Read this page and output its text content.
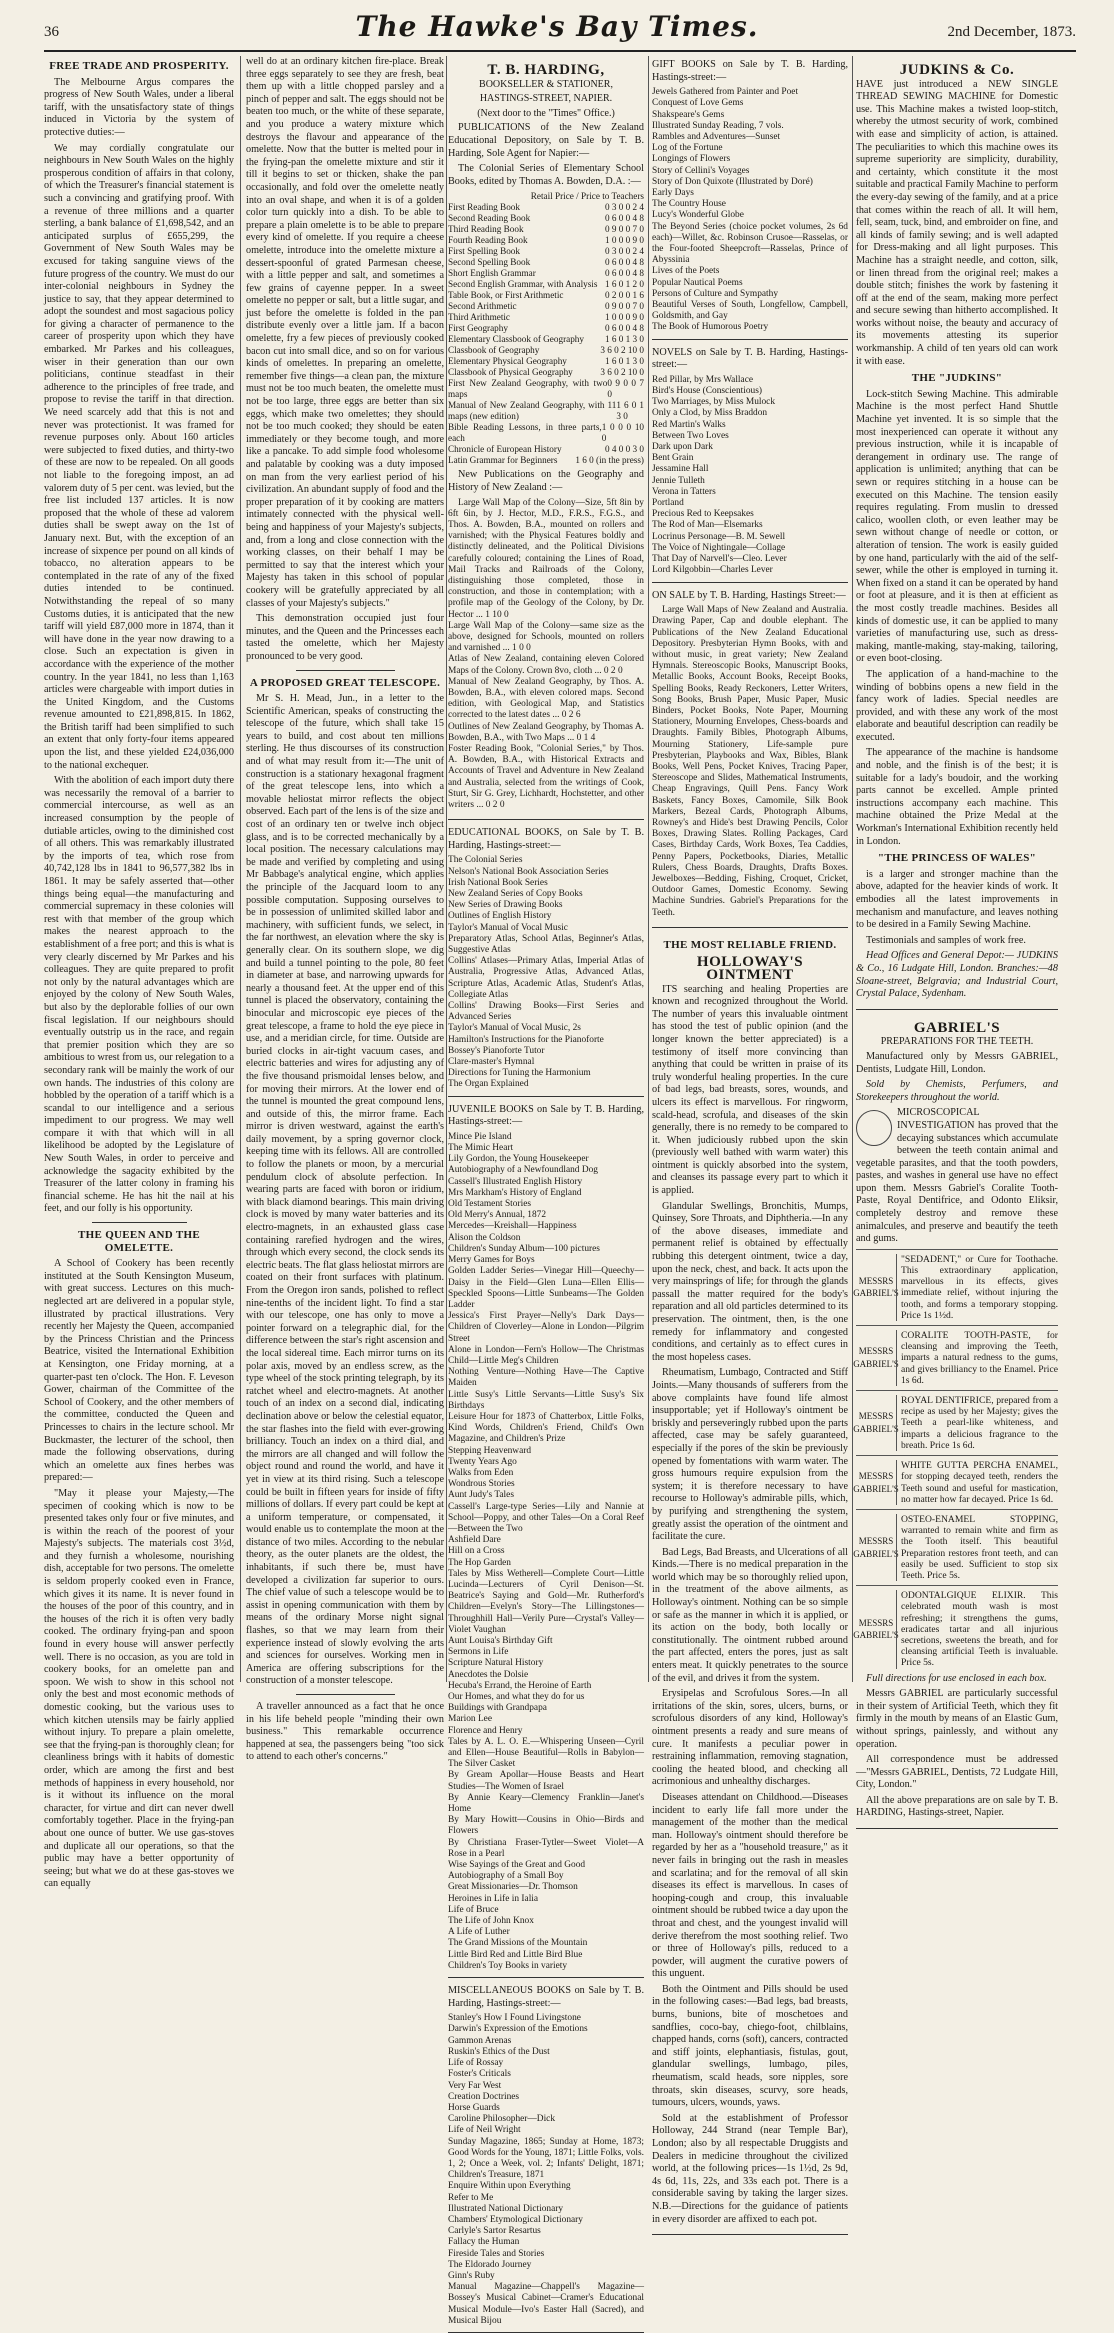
36	The Hawke's Bay Times.	2nd December, 1873.
FREE TRADE AND PROSPERITY.

The Melbourne Argus compares the progress of New South Wales, under a liberal tariff, with the unsatisfactory state of things induced in Victoria by the system of protective duties:—

We may cordially congratulate our neighbours in New South Wales on the highly prosperous condition of affairs in that colony, of which the Treasurer's financial statement is such a convincing and gratifying proof. With a revenue of three millions and a quarter sterling, a bank balance of £1,698,542, and an anticipated surplus of £655,299, the Government of New South Wales may be excused for taking sanguine views of the future progress of the country. We must do our inter-colonial neighbours in Sydney the justice to say, that they appear determined to adopt the soundest and most sagacious policy for giving a character of permanence to the career of prosperity upon which they have embarked. Mr Parkes and his colleagues, wiser in their generation than our own politicians, continue steadfast in their adherence to the principles of free trade, and propose to revise the tariff in that direction. We need scarcely add that this is not and never was protectionist. It was framed for revenue purposes only. About 160 articles were subjected to fixed duties, and thirty-two of these are now to be repealed. On all goods not liable to the foregoing impost, an ad valorem duty of 5 per cent. was levied, but the free list included 137 articles. It is now proposed that the whole of these ad valorem duties shall be swept away on the 1st of January next. But, with the exception of an increase of sixpence per pound on all kinds of tobacco, no alteration appears to be contemplated in the rate of any of the fixed duties intended to be continued. Notwithstanding the repeal of so many Customs duties, it is anticipated that the new tariff will yield £87,000 more in 1874, than it will have done in the year now drawing to a close. Such an expectation is given in accordance with the experience of the mother country. In the year 1841, no less than 1,163 articles were chargeable with import duties in the United Kingdom, and the Customs revenue amounted to £21,898,815. In 1862, the British tariff had been simplified to such an extent that only forty-four items appeared upon the list, and these yielded £24,036,000 to the national exchequer.

With the abolition of each import duty there was necessarily the removal of a barrier to commercial intercourse, as well as an increased consumption by the people of dutiable articles, owing to the diminished cost of all others. This was remarkably illustrated by the imports of tea, which rose from 40,742,128 lbs in 1841 to 96,577,382 lbs in 1861. It may be safely asserted that—other things being equal—the manufacturing and commercial supremacy in these colonies will rest with that member of the group which makes the nearest approach to the establishment of a free port; and this is what is very clearly discerned by Mr Parkes and his colleagues. They are quite prepared to profit not only by the natural advantages which are enjoyed by the colony of New South Wales, but also by the deplorable follies of our own fiscal legislation. If our neighbours should eventually outstrip us in the race, and regain that premier position which they are so ambitious to wrest from us, our relegation to a secondary rank will be mainly the work of our own hands. The industries of this colony are hobbled by the operation of a tariff which is a scandal to our intelligence and a serious impediment to our progress. We may well compare it with that which will in all likelihood be adopted by the Legislature of New South Wales, in order to perceive and acknowledge the sagacity exhibited by the Treasurer of the latter colony in framing his financial scheme. He has hit the nail at his feet, and our folly is his opportunity.

THE QUEEN AND THE OMELETTE.

A School of Cookery has been recently instituted at the South Kensington Museum, with great success. Lectures on this much-neglected art are delivered in a popular style, illustrated by practical illustrations. Very recently her Majesty the Queen, accompanied by the Princess Christian and the Princess Beatrice, visited the International Exhibition at Kensington, one Friday morning, at a quarter-past ten o'clock. The Hon. F. Leveson Gower, chairman of the Committee of the School of Cookery, and the other members of the committee, conducted the Queen and Princesses to chairs in the lecture school. Mr Buckmaster, the lecturer of the school, then made the following observations, during which an omelette aux fines herbes was prepared:—

"May it please your Majesty,—The specimen of cooking which is now to be presented takes only four or five minutes, and is within the reach of the poorest of your Majesty's subjects. The materials cost 3½d, and they furnish a wholesome, nourishing dish, acceptable for two persons. The omelette is seldom properly cooked even in France, which gives it its name. It is never found in the houses of the poor of this country, and in the houses of the rich it is often very badly cooked. The ordinary frying-pan and spoon found in every house will answer perfectly well. There is no occasion, as you are told in cookery books, for an omelette pan and spoon. We wish to show in this school not only the best and most economic methods of domestic cooking, but the various uses to which kitchen utensils may be fairly applied without injury. To prepare a plain omelette, see that the frying-pan is thoroughly clean; for cleanliness brings with it habits of domestic order, which are among the first and best methods of happiness in every household, nor is it without its influence on the moral character, for virtue and dirt can never dwell comfortably together. Place in the frying-pan about one ounce of butter. We use gas-stoves and duplicate all our operations, so that the public may have a better opportunity of seeing; but what we do at these gas-stoves we can equally

well do at an ordinary kitchen fire-place. Break three eggs separately to see they are fresh, beat them up with a little chopped parsley and a pinch of pepper and salt. The eggs should not be beaten too much, or the white of these separate, and you produce a watery mixture which destroys the flavour and appearance of the omelette. Now that the butter is melted pour in the frying-pan the omelette mixture and stir it till it begins to set or thicken, shake the pan occasionally, and fold over the omelette neatly into an oval shape, and when it is of a golden color turn quickly into a dish. To be able to prepare a plain omelette is to be able to prepare every kind of omelette. If you require a cheese omelette, introduce into the omelette mixture a dessert-spoonful of grated Parmesan cheese, with a little pepper and salt, and sometimes a few grains of cayenne pepper. In a sweet omelette no pepper or salt, but a little sugar, and just before the omelette is folded in the pan distribute evenly over a little jam. If a bacon omelette, fry a few pieces of previously cooked bacon cut into small dice, and so on for various kinds of omelettes. In preparing an omelette, remember five things—a clean pan, the mixture must not be too much beaten, the omelette must not be too large, three eggs are better than six eggs, which make two omelettes; they should not be too much cooked; they should be eaten immediately or they become tough, and more like a pancake. To add simple food wholesome and palatable by cooking was a duty imposed on man from the very earliest period of his civilization. An abundant supply of food and the proper preparation of it by cooking are matters intimately connected with the physical well-being and happiness of your Majesty's subjects, and, from a long and close connection with the working classes, on their behalf I may be permitted to say that the interest which your Majesty has taken in this school of popular cookery will be gratefully appreciated by all classes of your Majesty's subjects."

This demonstration occupied just four minutes, and the Queen and the Princesses each tasted the omelette, which her Majesty pronounced to be very good.

A PROPOSED GREAT TELESCOPE.

Mr S. H. Mead, Jun., in a letter to the Scientific American, speaks of constructing the telescope of the future, which shall take 15 years to build, and cost about ten millions sterling. He thus discourses of its construction and of what may result from it:—The unit of construction is a stationary hexagonal fragment of the great telescope lens, into which a movable heliostat mirror reflects the object observed. Each part of the lens is of the size and cost of an ordinary ten or twelve inch object glass, and is to be corrected mechanically by a local position. The necessary calculations may be made and verified by completing and using Mr Babbage's analytical engine, which applies the principle of the Jacquard loom to any possible computation. Supposing ourselves to be in possession of unlimited skilled labor and machinery, with sufficient funds, we select, in the far northwest, an elevation where the sky is generally clear. On its southern slope, we dig and build a tunnel pointing to the pole, 80 feet in diameter at base, and narrowing upwards for nearly a thousand feet. At the upper end of this tunnel is placed the observatory, containing the binocular and microscopic eye pieces of the great telescope, a frame to hold the eye piece in use, and a meridian circle, for time. Outside are buried clocks in air-tight vacuum cases, and electric batteries and wires for adjusting any of the five thousand prismoidal lenses below, and for moving their mirrors. At the lower end of the tunnel is mounted the great compound lens, and outside of this, the mirror frame. Each mirror is driven westward, against the earth's daily movement, by a spring governor clock, keeping time with its fellows. All are controlled to follow the planets or moon, by a mercurial pendulum clock of absolute perfection. In wearing parts are faced with boron or iridium, with black diamond bearings. This main driving clock is moved by many water batteries and its electro-magnets, in an exhausted glass case containing rarefied hydrogen and the wires, through which every second, the clock sends its electric beats. The flat glass heliostat mirrors are coated on their front surfaces with platinum. From the Oregon iron sands, polished to reflect nine-tenths of the incident light. To find a star with our telescope, one has only to move a pointer forward on a telegraphic dial, for the difference between the star's right ascension and the local sidereal time. Each mirror turns on its polar axis, moved by an endless screw, as the type wheel of the stock printing telegraph, by its ratchet wheel and electro-magnets. At another touch of an index on a second dial, indicating declination above or below the celestial equator, the star flashes into the field with ever-growing brilliancy. Touch an index on a third dial, and the mirrors are all changed and will follow the object round and round the world, and have it yet in view at its third rising. Such a telescope could be built in fifteen years for inside of fifty millions of dollars. If every part could be kept at a uniform temperature, or compensated, it would enable us to contemplate the moon at the distance of two miles. According to the nebular theory, as the outer planets are the oldest, the inhabitants, if such there be, must have developed a civilization far superior to ours. The chief value of such a telescope would be to assist in opening communication with them by means of the ordinary Morse night signal flashes, so that we may learn from their experience instead of slowly evolving the arts and sciences for ourselves. Working men in America are offering subscriptions for the construction of a monster telescope.

A traveller announced as a fact that he once in his life beheld people "minding their own business." This remarkable occurrence happened at sea, the passengers being "too sick to attend to each other's concerns."

T. B. HARDING,
BOOKSELLER & STATIONER,
HASTINGS-STREET, NAPIER.
(Next door to the "Times" Office.)

PUBLICATIONS of the New Zealand Educational Depository, on Sale by T. B. Harding, Sole Agent for Napier:—

The Colonial Series of Elementary School Books, edited by Thomas A. Bowden, D.A. :—

Retail Price / Price to Teachers
First Reading Book	0 3 0 0 2 4
Second Reading Book	0 6 0 0 4 8
Third Reading Book	0 9 0 0 7 0
Fourth Reading Book	1 0 0 0 9 0
First Spelling Book	0 3 0 0 2 4
Second Spelling Book	0 6 0 0 4 8
Short English Grammar	0 6 0 0 4 8
Second English Grammar, with Analysis 1 6 0 1 2 0
Table Book, or First Arithmetic	0 2 0 0 1 6
Second Arithmetic	0 9 0 0 7 0
Third Arithmetic	1 0 0 0 9 0
First Geography	0 6 0 0 4 8
Elementary Classbook of Geography 1 6 0 1 3 0
Classbook of Geography	3 6 0 2 10 0
Elementary Physical Geography	1 6 0 1 3 0
Classbook of Physical Geography	3 6 0 2 10 0
First New Zealand Geography, with two maps
0 9 0 0 7 0
Manual of New Zealand Geography, with 11 maps (new edition)
1 6 0 1 3 0
Bible Reading Lessons, in three parts, each
1 0 0 0 10 0
Chronicle of European History	0 4 0 0 3 0
Latin Grammar for Beginners 1 6 0 (in the press)

New Publications on the Geography and History of New Zealand :—

Large Wall Map of the Colony—Size, 5ft 8in by 6ft 6in, by J. Hector, M.D., F.R.S., F.G.S., and Thos. A. Bowden, B.A., mounted on rollers and varnished; with the Physical Features boldly and distinctly delineated, and the Political Divisions carefully coloured; containing the Lines of Road, Mail Tracks and Railroads of the Colony, distinguishing those completed, those in construction, and those in contemplation; with a profile map of the Geology of the Colony, by Dr. Hector ... 1 10 0
Large Wall Map of the Colony—same size as the above, designed for Schools, mounted on rollers and varnished ... 1 0 0
Atlas of New Zealand, containing eleven Colored Maps of the Colony. Crown 8vo, cloth ... 0 2 0
Manual of New Zealand Geography, by Thos. A. Bowden, B.A., with eleven colored maps. Second edition, with Geological Map, and Statistics corrected to the latest dates ... 0 2 6
Outlines of New Zealand Geography, by Thomas A. Bowden, B.A., with Two Maps ... 0 1 4
Foster Reading Book, "Colonial Series," by Thos. A. Bowden, B.A., with Historical Extracts and Accounts of Travel and Adventure in New Zealand and Australia, selected from the writings of Cook, Sturt, Sir G. Grey, Lichhardt, Hochstetter, and other writers ... 0 2 0

EDUCATIONAL BOOKS, on Sale by T. B. Harding, Hastings-street:—

The Colonial Series
Nelson's National Book Association Series
Irish National Book Series
New Zealand Series of Copy Books
New Series of Drawing Books
Outlines of English History
Taylor's Manual of Vocal Music
Preparatory Atlas, School Atlas, Beginner's Atlas, Suggestive Atlas
Collins' Atlases—Primary Atlas, Imperial Atlas of Australia, Progressive Atlas, Advanced Atlas, Scripture Atlas, Academic Atlas, Student's Atlas, Collegiate Atlas
Collins' Drawing Books—First Series and Advanced Series
Taylor's Manual of Vocal Music, 2s
Hamilton's Instructions for the Pianoforte
Bossey's Pianoforte Tutor
Clare-master's Hymnal
Directions for Tuning the Harmonium
The Organ Explained

JUVENILE BOOKS on Sale by T. B. Harding, Hastings-street:—

Mince Pie Island
The Mimic Heart
Lily Gordon, the Young Housekeeper
Autobiography of a Newfoundland Dog
Cassell's Illustrated English History
Mrs Markham's History of England
Old Testament Stories
Old Merry's Annual, 1872
Mercedes—Kreishall—Happiness
Alison the Coldson
Children's Sunday Album—100 pictures
Merry Games for Boys
Golden Ladder Series—Vinegar Hill—Queechy—Daisy in the Field—Glen Luna—Ellen Ellis—Speckled Spoons—Little Sunbeams—The Golden Ladder
Jessica's First Prayer—Nelly's Dark Days—Children of Cloverley—Alone in London—Pilgrim Street
Alone in London—Fern's Hollow—The Christmas Child—Little Meg's Children
Nothing Venture—Nothing Have—The Captive Maiden
Little Susy's Little Servants—Little Susy's Six Birthdays
Leisure Hour for 1873 of Chatterbox, Little Folks, Kind Words, Children's Friend, Child's Own Magazine, and Children's Prize
Stepping Heavenward
Twenty Years Ago
Walks from Eden
Wondrous Stories
Aunt Judy's Tales
Cassell's Large-type Series—Lily and Nannie at School—Poppy, and other Tales—On a Coral Reef—Between the Two
Ashfield Dare
Hill on a Cross
The Hop Garden
Tales by Miss Wetherell—Complete Court—Little Lucinda—Lecturers of Cyril Denison—St. Beatrice's Saying and Gold—Mr. Rutherford's Children—Evelyn's Story—The Lillingstones—Throughhill Hall—Verily Pure—Crystal's Valley—Violet Vaughan
Aunt Louisa's Birthday Gift
Sermons in Life
Scripture Natural History
Anecdotes the Dolsie
Hecuba's Errand, the Heroine of Earth
Our Homes, and what they do for us
Buildings with Grandpapa
Marion Lee
Florence and Henry
Tales by A. L. O. E.—Whispering Unseen—Cyril and Ellen—House Beautiful—Rolls in Babylon—The Silver Casket
By Gream Apollar—House Beasts and Heart Studies—The Women of Israel
By Annie Keary—Clemency Franklin—Janet's Home
By Mary Howitt—Cousins in Ohio—Birds and Flowers
By Christiana Fraser-Tytler—Sweet Violet—A Rose in a Pearl
Wise Sayings of the Great and Good
Autobiography of a Small Boy
Great Missionaries—Dr. Thomson
Heroines in Life in Ialia
Life of Bruce
The Life of John Knox
A Life of Luther
The Grand Missions of the Mountain
Little Bird Red and Little Bird Blue
Children's Toy Books in variety

MISCELLANEOUS BOOKS on Sale by T. B. Harding, Hastings-street:—

Stanley's How I Found Livingstone
Darwin's Expression of the Emotions
Gammon Arenas
Ruskin's Ethics of the Dust
Life of Rossay
Foster's Criticals
Very Far West
Creation Doctrines
Horse Guards
Caroline Philosopher—Dick
Life of Neil Wright
Sunday Magazine, 1865; Sunday at Home, 1873; Good Words for the Young, 1871; Little Folks, vols. 1, 2; Once a Week, vol. 2; Infants' Delight, 1871; Children's Treasure, 1871
Enquire Within upon Everything
Refer to Me
Illustrated National Dictionary
Chambers' Etymological Dictionary
Carlyle's Sartor Resartus
Fallacy the Human
Fireside Tales and Stories
The Eldorado Journey
Ginn's Ruby
Manual Magazine—Chappell's Magazine—Bossey's Musical Cabinet—Cramer's Educational Musical Module—Ivo's Easter Hall (Sacred), and Musical Bijou

GIFT BOOKS on Sale by T. B. Harding, Hastings-street:—

Jewels Gathered from Painter and Poet
Conquest of Love Gems
Shakspeare's Gems
Illustrated Sunday Reading, 7 vols.
Rambles and Adventures—Sunset
Log of the Fortune
Longings of Flowers
Story of Cellini's Voyages
Story of Don Quixote (Illustrated by Doré)
Early Days
The Country House
Lucy's Wonderful Globe
The Beyond Series (choice pocket volumes, 2s 6d each)—Willet, &c. Robinson Crusoe—Rasselas, or the Four-footed Sheepcroft—Rasselas, Prince of Abyssinia
Lives of the Poets
Popular Nautical Poems
Persons of Culture and Sympathy
Beautiful Verses of South, Longfellow, Campbell, Goldsmith, and Gay
The Book of Humorous Poetry

NOVELS on Sale by T. B. Harding, Hastings-street:—

Red Pillar, by Mrs Wallace
Bird's House (Conscientious)
Two Marriages, by Miss Mulock
Only a Clod, by Miss Braddon
Red Martin's Walks
Between Two Loves
Dark upon Dark
Bent Grain
Jessamine Hall
Jennie Tulleth
Verona in Tatters
Portland
Precious Red to Keepsakes
The Rod of Man—Elsemarks
Locrinus Personage—B. M. Sewell
The Voice of Nightingale—Collage
That Day of Narvell's—Cleo. Lever
Lord Kilgobbin—Charles Lever

ON SALE by T. B. Harding, Hastings Street:—

Large Wall Maps of New Zealand and Australia. Drawing Paper, Cap and double elephant. The Publications of the New Zealand Educational Depository. Presbyterian Hymn Books, with and without music, in great variety; New Zealand Hymnals. Stereoscopic Books, Manuscript Books, Metallic Books, Account Books, Receipt Books, Spelling Books, Ready Reckoners, Letter Writers, Song Books, Brush Paper, Music Paper, Music Binders, Pocket Books, Note Paper, Mourning Stationery, Mourning Envelopes, Chess-boards and Draughts. Family Bibles, Photograph Albums, Mourning Stationery, Life-sample pure Presbyterian, Playbooks and Wax, Bibles, Blank Books, Well Pens, Pocket Knives, Tracing Paper, Stereoscope and Slides, Mathematical Instruments, Cheap Engravings, Quill Pens. Fancy Work Baskets, Fancy Boxes, Camomile, Silk Book Markers, Bezeal Cards, Photograph Albums, Rowney's and Hide's best Drawing Pencils, Color Boxes, Drawing Slates. Rolling Packages, Card Cases, Birthday Cards, Work Boxes, Tea Caddies, Penny Papers, Pocketbooks, Diaries, Metallic Rulers, Chess Boards, Draughts, Drafts Boxes. Jewelboxes—Bedding, Fishing, Croquet, Cricket, Outdoor Games, Domestic Economy. Sewing Machine Sundries. Gabriel's Preparations for the Teeth.

THE MOST RELIABLE FRIEND.
HOLLOWAY'S OINTMENT

ITS searching and healing Properties are known and recognized throughout the World. The number of years this invaluable ointment has stood the test of public opinion (and the longer known the better appreciated) is a testimony of itself more convincing than anything that could be written in praise of its truly wonderful healing properties. In the cure of bad legs, bad breasts, sores, wounds, and ulcers its effect is marvellous. For ringworm, scald-head, scrofula, and diseases of the skin generally, there is no remedy to be compared to it. When judiciously rubbed upon the skin (previously well bathed with warm water) this ointment is quickly absorbed into the system, and cleanses its passage every part to which it is applied.

Glandular Swellings, Bronchitis, Mumps, Quinsey, Sore Throats, and Diphtheria.—In any of the above diseases, immediate and permanent relief is obtained by effectually rubbing this detergent ointment, twice a day, upon the neck, chest, and back. It acts upon the very mainsprings of life; for through the glands passall the matter required for the body's reparation and all old particles determined to its preservation. The ointment, then, is the one remedy for inflammatory and congested conditions, and certainly as to effect cures in the most hopeless cases.

Rheumatism, Lumbago, Contracted and Stiff Joints.—Many thousands of sufferers from the above complaints have found life almost insupportable; yet if Holloway's ointment be briskly and perseveringly rubbed upon the parts affected, case may be safely guaranteed, especially if the pores of the skin be previously opened by fomentations with warm water. The gross humours require expulsion from the system; it is therefore necessary to have recourse to Holloway's admirable pills, which, by purifying and strengthening the system, greatly assist the operation of the ointment and facilitate the cure.

Bad Legs, Bad Breasts, and Ulcerations of all Kinds.—There is no medical preparation in the world which may be so thoroughly relied upon, in the treatment of the above ailments, as Holloway's ointment. Nothing can be so simple or safe as the manner in which it is applied, or its action on the body, both locally or constitutionally. The ointment rubbed around the part affected, enters the pores, just as salt enters meat. It quickly penetrates to the source of the evil, and drives it from the system.

Erysipelas and Scrofulous Sores.—In all irritations of the skin, sores, ulcers, burns, or scrofulous disorders of any kind, Holloway's ointment presents a ready and sure means of cure. It manifests a peculiar power in restraining inflammation, removing stagnation, cooling the heated blood, and checking all acrimonious and unhealthy discharges.

Diseases attendant on Childhood.—Diseases incident to early life fall more under the management of the mother than the medical man. Holloway's ointment should therefore be regarded by her as a "household treasure," as it never fails in bringing out the rash in measles and scarlatina; and for the removal of all skin diseases its effect is marvellous. In cases of hooping-cough and croup, this invaluable ointment should be rubbed twice a day upon the throat and chest, and the youngest invalid will derive therefrom the most soothing relief. Two or three of Holloway's pills, reduced to a powder, will augment the curative powers of this unguent.

Both the Ointment and Pills should be used in the following cases:—Bad legs, bad breasts, burns, bunions, bite of moschetoes and sandflies, coco-bay, chiego-foot, chilblains, chapped hands, corns (soft), cancers, contracted and stiff joints, elephantiasis, fistulas, gout, glandular swellings, lumbago, piles, rheumatism, scald heads, sore nipples, sore throats, skin diseases, scurvy, sore heads, tumours, ulcers, wounds, yaws.

Sold at the establishment of Professor Holloway, 244 Strand (near Temple Bar), London; also by all respectable Druggists and Dealers in medicine throughout the civilized world, at the following prices—1s 1½d, 2s 9d, 4s 6d, 11s, 22s, and 33s each pot. There is a considerable saving by taking the larger sizes. N.B.—Directions for the guidance of patients in every disorder are affixed to each pot.

JUDKINS & Co.

HAVE just introduced a NEW SINGLE THREAD SEWING MACHINE for Domestic use. This Machine makes a twisted loop-stitch, whereby the utmost security of work, combined with ease and simplicity of action, is attained. The peculiarities to which this machine owes its supreme superiority are simplicity, durability, and certainty, which constitute it the most suitable and practical Family Machine to perform the every-day sewing of the family, and at a price that comes within the reach of all. It will hem, fell, seam, tuck, bind, and embroider on fine, and all kinds of family sewing; and is well adapted for Dress-making and all light purposes. This Machine has a straight needle, and cotton, silk, or linen thread from the original reel; makes a double stitch; finishes the work by fastening it off at the end of the seam, making more perfect and secure sewing than hitherto accomplished. It works without noise, the beauty and accuracy of its movements attesting its superior workmanship. A child of ten years old can work it with ease.

THE "JUDKINS"

Lock-stitch Sewing Machine. This admirable Machine is the most perfect Hand Shuttle Machine yet invented. It is so simple that the most inexperienced can operate it without any previous instruction, while it is incapable of derangement in ordinary use. The range of application is unlimited; anything that can be sewn or requires stitching in a house can be executed on this Machine. The tension easily requires regulating. From muslin to dressed calico, woollen cloth, or even leather may be sewn without change of needle or cotton, or alteration of tension. The work is easily guided by one hand, particularly with the aid of the self-sewer, while the other is employed in turning it. When fixed on a stand it can be operated by hand or foot at pleasure, and it is then at efficient as the most costly treadle machines. Besides all kinds of domestic use, it can be applied to many varieties of manufacturing use, such as dress-making, mantle-making, stay-making, tailoring, or even boot-closing.

The application of a hand-machine to the winding of bobbins opens a new field in the fancy work of ladies. Special needles are provided, and with these any work of the most elaborate and beautiful description can readily be executed.

The appearance of the machine is handsome and noble, and the finish is of the best; it is suitable for a lady's boudoir, and the working parts cannot be excelled. Ample printed instructions accompany each machine. This machine obtained the Prize Medal at the Workman's International Exhibition recently held in London.

"THE PRINCESS OF WALES"

is a larger and stronger machine than the above, adapted for the heavier kinds of work. It embodies all the latest improvements in mechanism and manufacture, and leaves nothing to be desired in a Family Sewing Machine.

Testimonials and samples of work free.

Head Offices and General Depot:— JUDKINS & Co., 16 Ludgate Hill, London. Branches:—48 Sloane-street, Belgravia; and Industrial Court, Crystal Palace, Sydenham.

GABRIEL'S
PREPARATIONS FOR THE TEETH.

Manufactured only by Messrs GABRIEL, Dentists, Ludgate Hill, London.

Sold by Chemists, Perfumers, and Storekeepers throughout the world.

MICROSCOPICAL INVESTIGATION has proved that the decaying substances which accumulate between the teeth contain animal and vegetable parasites, and that the tooth powders, pastes, and washes in general use have no effect upon them. Messrs Gabriel's Coralite Tooth-Paste, Royal Dentifrice, and Odonto Eliksir, completely destroy and remove these animalcules, and preserve and beautify the teeth and gums.

MESSRS GABRIEL'S
"SEDADENT," or Cure for Toothache. This extraordinary application, marvellous in its effects, gives immediate relief, without injuring the tooth, and forms a temporary stopping. Price 1s 1½d.
MESSRS GABRIEL'S
CORALITE TOOTH-PASTE, for cleansing and improving the Teeth, imparts a natural redness to the gums, and gives brilliancy to the Enamel. Price 1s 6d.
MESSRS GABRIEL'S
ROYAL DENTIFRICE, prepared from a recipe as used by her Majesty; gives the Teeth a pearl-like whiteness, and imparts a delicious fragrance to the breath. Price 1s 6d.
MESSRS GABRIEL'S
WHITE GUTTA PERCHA ENAMEL, for stopping decayed teeth, renders the Teeth sound and useful for mastication, no matter how far decayed. Price 1s 6d.
MESSRS GABRIEL'S
OSTEO-ENAMEL STOPPING, warranted to remain white and firm as the Tooth itself. This beautiful Preparation restores front teeth, and can easily be used. Sufficient to stop six Teeth. Price 5s.
MESSRS GABRIEL'S
ODONTALGIQUE ELIXIR. This celebrated mouth wash is most refreshing; it strengthens the gums, eradicates tartar and all injurious secretions, sweetens the breath, and for cleansing artificial Teeth is invaluable. Price 5s.

Full directions for use enclosed in each box.

Messrs GABRIEL are particularly successful in their system of Artificial Teeth, which they fit firmly in the mouth by means of an Elastic Gum, without springs, painlessly, and without any operation.

All correspondence must be addressed—"Messrs GABRIEL, Dentists, 72 Ludgate Hill, City, London."

All the above preparations are on sale by T. B. HARDING, Hastings-street, Napier.
